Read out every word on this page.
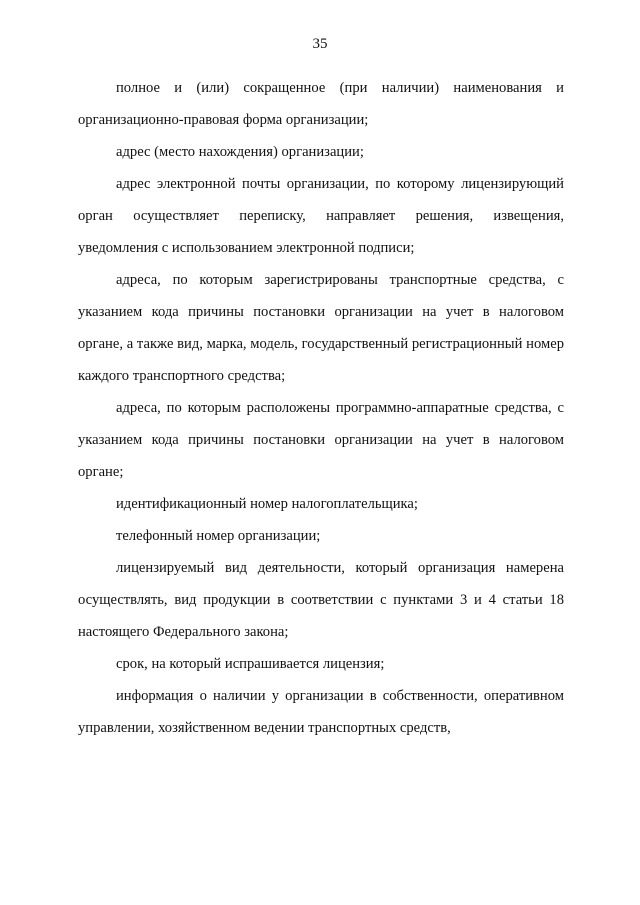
35

полное и (или) сокращенное (при наличии) наименования и организационно-правовая форма организации;

адрес (место нахождения) организации;

адрес электронной почты организации, по которому лицензирующий орган осуществляет переписку, направляет решения, извещения, уведомления с использованием электронной подписи;

адреса, по которым зарегистрированы транспортные средства, с указанием кода причины постановки организации на учет в налоговом органе, а также вид, марка, модель, государственный регистрационный номер каждого транспортного средства;

адреса, по которым расположены программно-аппаратные средства, с указанием кода причины постановки организации на учет в налоговом органе;

идентификационный номер налогоплательщика;

телефонный номер организации;

лицензируемый вид деятельности, который организация намерена осуществлять, вид продукции в соответствии с пунктами 3 и 4 статьи 18 настоящего Федерального закона;

срок, на который испрашивается лицензия;

информация о наличии у организации в собственности, оперативном управлении, хозяйственном ведении транспортных средств,
